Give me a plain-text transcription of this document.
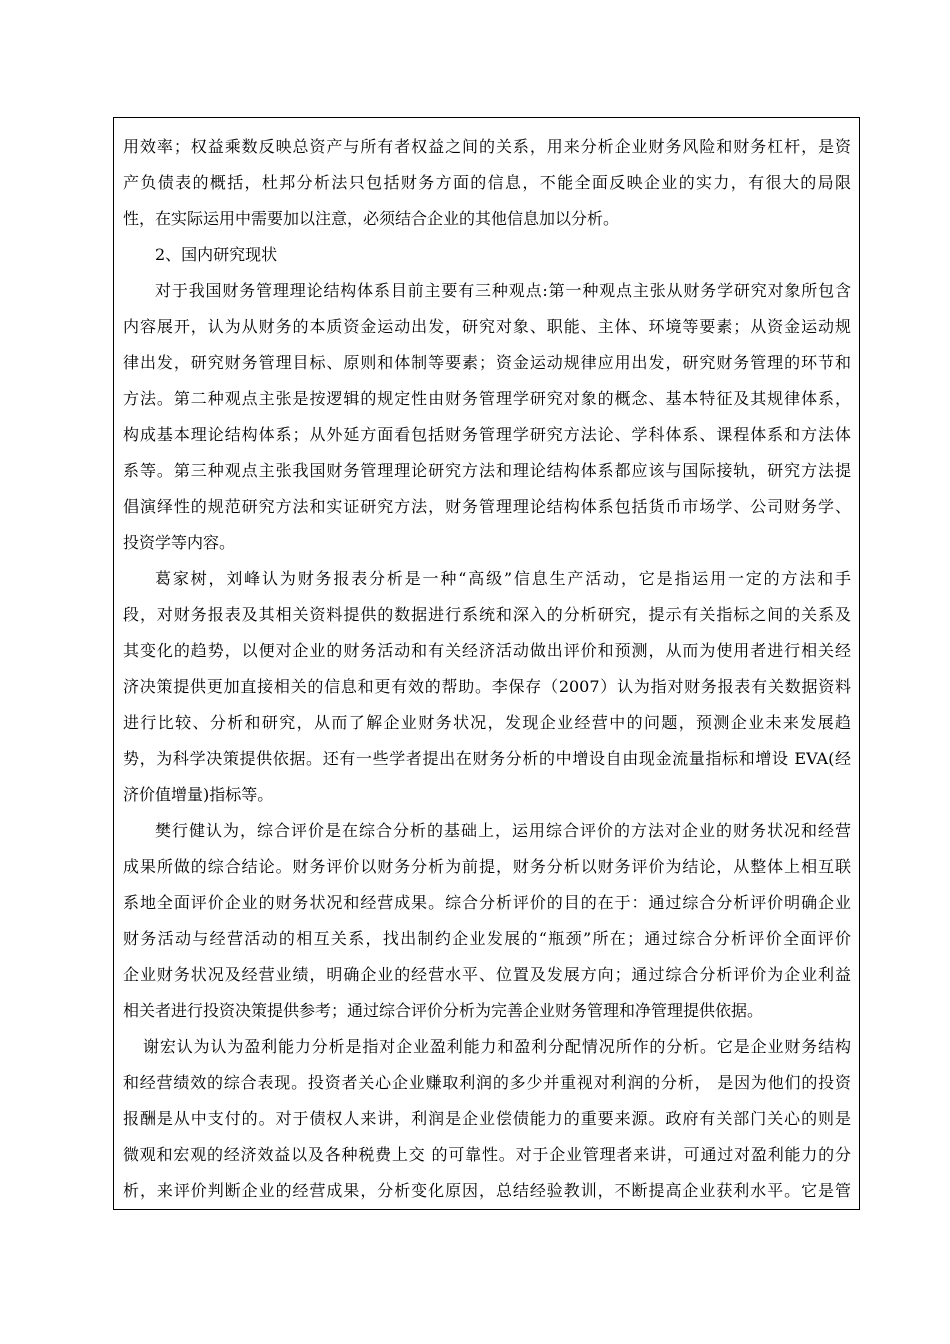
用效率；权益乘数反映总资产与所有者权益之间的关系，用来分析企业财务风险和财务杠杆，是资
产负债表的概括，杜邦分析法只包括财务方面的信息，不能全面反映企业的实力，有很大的局限
性，在实际运用中需要加以注意，必须结合企业的其他信息加以分析。
2、国内研究现状
对于我国财务管理理论结构体系目前主要有三种观点:第一种观点主张从财务学研究对象所包含
内容展开，认为从财务的本质资金运动出发，研究对象、职能、主体、环境等要素；从资金运动规
律出发，研究财务管理目标、原则和体制等要素；资金运动规律应用出发，研究财务管理的环节和
方法。第二种观点主张是按逻辑的规定性由财务管理学研究对象的概念、基本特征及其规律体系，
构成基本理论结构体系；从外延方面看包括财务管理学研究方法论、学科体系、课程体系和方法体
系等。第三种观点主张我国财务管理理论研究方法和理论结构体系都应该与国际接轨，研究方法提
倡演绎性的规范研究方法和实证研究方法，财务管理理论结构体系包括货币市场学、公司财务学、
投资学等内容。
葛家树，刘峰认为财务报表分析是一种“高级”信息生产活动，它是指运用一定的方法和手
段，对财务报表及其相关资料提供的数据进行系统和深入的分析研究，提示有关指标之间的关系及
其变化的趋势，以便对企业的财务活动和有关经济活动做出评价和预测，从而为使用者进行相关经
济决策提供更加直接相关的信息和更有效的帮助。李保存（2007）认为指对财务报表有关数据资料
进行比较、分析和研究，从而了解企业财务状况，发现企业经营中的问题，预测企业未来发展趋
势，为科学决策提供依据。还有一些学者提出在财务分析的中增设自由现金流量指标和增设 EVA(经
济价值增量)指标等。
樊行健认为，综合评价是在综合分析的基础上，运用综合评价的方法对企业的财务状况和经营
成果所做的综合结论。财务评价以财务分析为前提，财务分析以财务评价为结论，从整体上相互联
系地全面评价企业的财务状况和经营成果。综合分析评价的目的在于：通过综合分析评价明确企业
财务活动与经营活动的相互关系，找出制约企业发展的“瓶颈”所在；通过综合分析评价全面评价
企业财务状况及经营业绩，明确企业的经营水平、位置及发展方向；通过综合分析评价为企业利益
相关者进行投资决策提供参考；通过综合评价分析为完善企业财务管理和净管理提供依据。
谢宏认为认为盈利能力分析是指对企业盈利能力和盈利分配情况所作的分析。它是企业财务结构
和经营绩效的综合表现。投资者关心企业赚取利润的多少并重视对利润的分析， 是因为他们的投资
报酬是从中支付的。对于债权人来讲，利润是企业偿债能力的重要来源。政府有关部门关心的则是
微观和宏观的经济效益以及各种税费上交 的可靠性。对于企业管理者来讲，可通过对盈利能力的分
析，来评价判断企业的经营成果，分析变化原因，总结经验教训，不断提高企业获利水平。它是管
